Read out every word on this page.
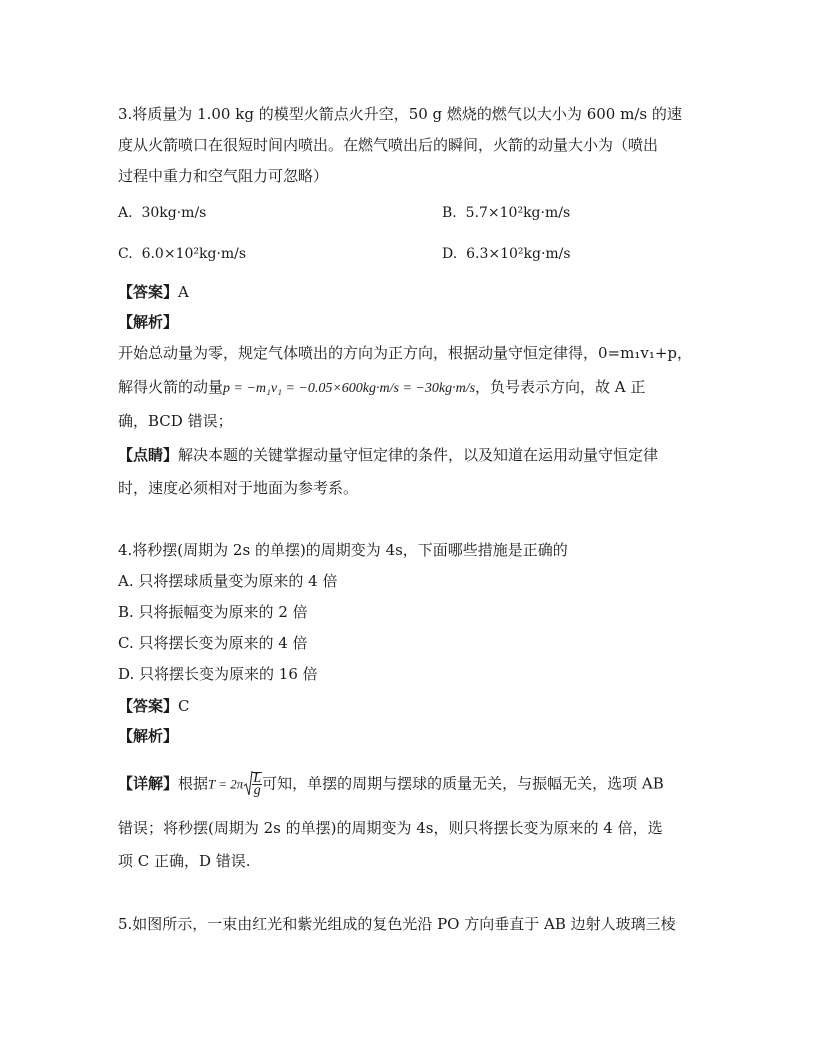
3.将质量为 1.00 kg 的模型火箭点火升空，50 g 燃烧的燃气以大小为 600 m/s 的速
度从火箭喷口在很短时间内喷出。在燃气喷出后的瞬间，火箭的动量大小为（喷出
过程中重力和空气阻力可忽略）
A. 30kg·m/s	B. 5.7×10²kg·m/s
C. 6.0×10²kg·m/s	D. 6.3×10²kg·m/s
【答案】A
【解析】
开始总动量为零，规定气体喷出的方向为正方向，根据动量守恒定律得，0=m₁v₁+p，
解得火箭的动量p = −m₁v₁ = −0.05×600kg·m/s = −30kg·m/s，负号表示方向，故 A 正
确，BCD 错误；
【点睛】解决本题的关键掌握动量守恒定律的条件，以及知道在运用动量守恒定律
时，速度必须相对于地面为参考系。
4.将秒摆(周期为 2s 的单摆)的周期变为 4s，下面哪些措施是正确的
A. 只将摆球质量变为原来的 4 倍
B. 只将振幅变为原来的 2 倍
C. 只将摆长变为原来的 4 倍
D. 只将摆长变为原来的 16 倍
【答案】C
【解析】
【详解】根据$T = 2\pi \frac{L}{g}$可知，单摆的周期与摆球的质量无关，与振幅无关，选项 AB
错误；将秒摆(周期为 2s 的单摆)的周期变为 4s，则只将摆长变为原来的 4 倍，选
项 C 正确，D 错误.
5.如图所示，一束由红光和紫光组成的复色光沿 PO 方向垂直于 AB 边射人玻璃三棱
